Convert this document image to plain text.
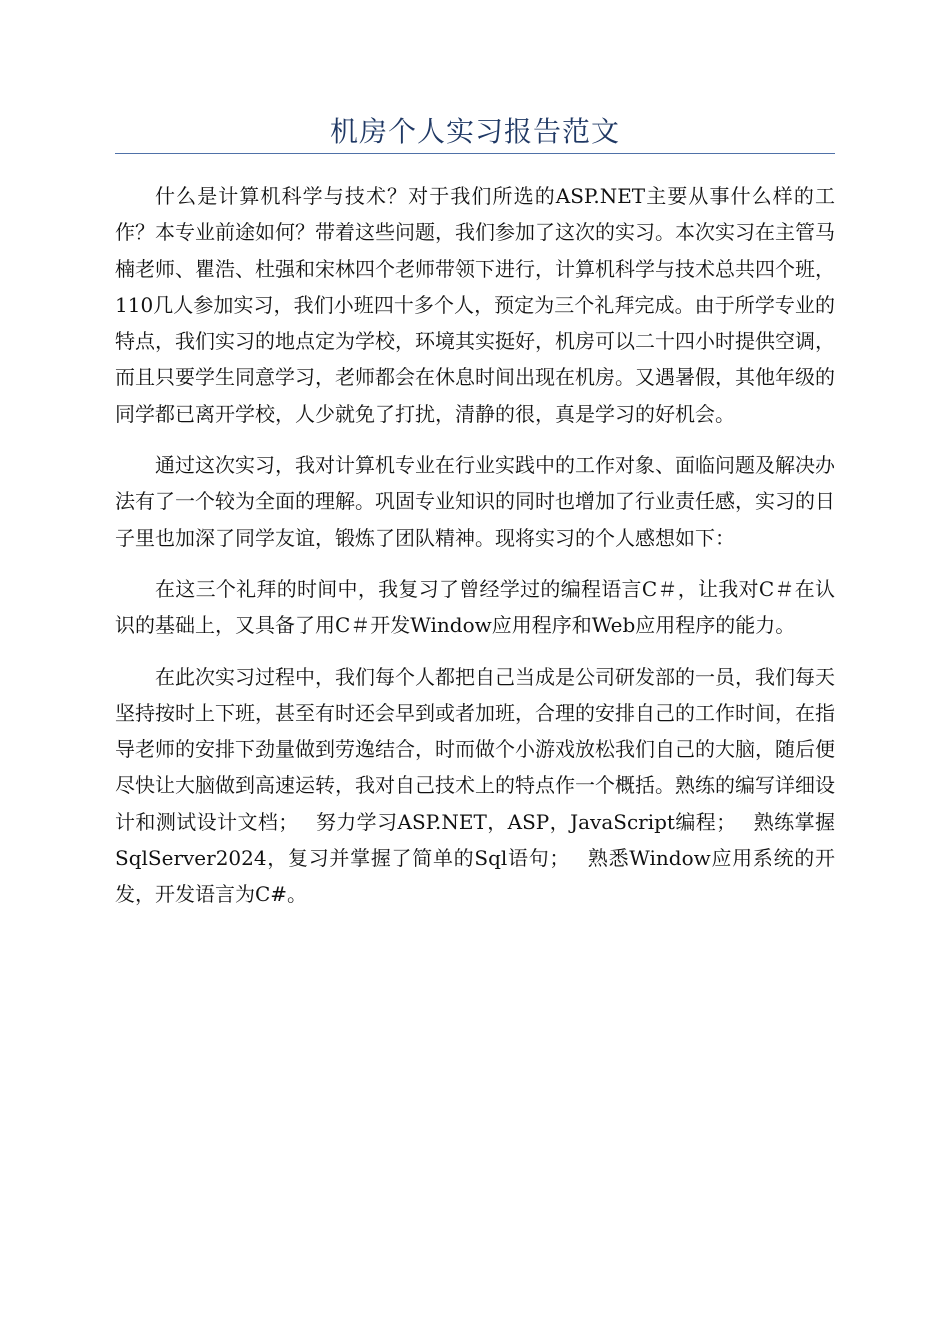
机房个人实习报告范文

什么是计算机科学与技术？对于我们所选的ASP.NET主要从事什么样的工作？本专业前途如何？带着这些问题，我们参加了这次的实习。本次实习在主管马楠老师、瞿浩、杜强和宋林四个老师带领下进行，计算机科学与技术总共四个班，110几人参加实习，我们小班四十多个人，预定为三个礼拜完成。由于所学专业的特点，我们实习的地点定为学校，环境其实挺好，机房可以二十四小时提供空调，而且只要学生同意学习，老师都会在休息时间出现在机房。又遇暑假，其他年级的同学都已离开学校，人少就免了打扰，清静的很，真是学习的好机会。

通过这次实习，我对计算机专业在行业实践中的工作对象、面临问题及解决办法有了一个较为全面的理解。巩固专业知识的同时也增加了行业责任感，实习的日子里也加深了同学友谊，锻炼了团队精神。现将实习的个人感想如下：

在这三个礼拜的时间中，我复习了曾经学过的编程语言C＃，让我对C＃在认识的基础上，又具备了用C＃开发Window应用程序和Web应用程序的能力。

在此次实习过程中，我们每个人都把自己当成是公司研发部的一员，我们每天坚持按时上下班，甚至有时还会早到或者加班，合理的安排自己的工作时间，在指导老师的安排下劲量做到劳逸结合，时而做个小游戏放松我们自己的大脑，随后便尽快让大脑做到高速运转，我对自己技术上的特点作一个概括。熟练的编写详细设计和测试设计文档；　 努力学习ASP.NET，ASP，JavaScript编程；　 熟练掌握SqlServer2024，复习并掌握了简单的Sql语句；　 熟悉Window应用系统的开发，开发语言为C#。
